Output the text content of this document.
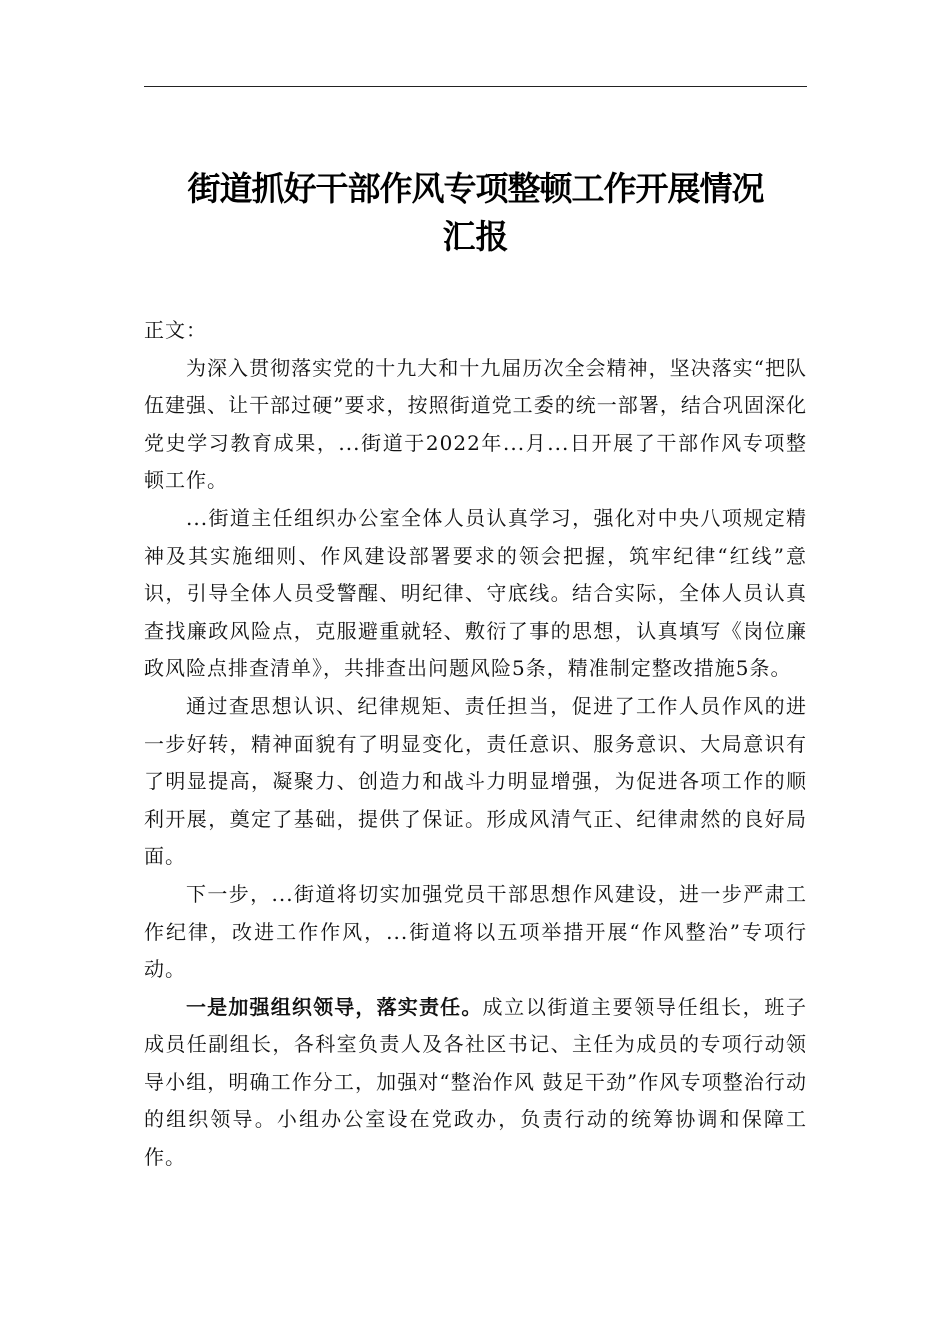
街道抓好干部作风专项整顿工作开展情况
汇报

正文：

为深入贯彻落实党的十九大和十九届历次全会精神，坚决落实“把队伍建强、让干部过硬”要求，按照街道党工委的统一部署，结合巩固深化党史学习教育成果，...街道于2022年...月...日开展了干部作风专项整顿工作。

...街道主任组织办公室全体人员认真学习，强化对中央八项规定精神及其实施细则、作风建设部署要求的领会把握，筑牢纪律“红线”意识，引导全体人员受警醒、明纪律、守底线。结合实际，全体人员认真查找廉政风险点，克服避重就轻、敷衍了事的思想，认真填写《岗位廉政风险点排查清单》，共排查出问题风险5条，精准制定整改措施5条。

通过查思想认识、纪律规矩、责任担当，促进了工作人员作风的进一步好转，精神面貌有了明显变化，责任意识、服务意识、大局意识有了明显提高，凝聚力、创造力和战斗力明显增强，为促进各项工作的顺利开展，奠定了基础，提供了保证。形成风清气正、纪律肃然的良好局面。

下一步，...街道将切实加强党员干部思想作风建设，进一步严肃工作纪律，改进工作作风，...街道将以五项举措开展“作风整治”专项行动。

一是加强组织领导，落实责任。成立以街道主要领导任组长，班子成员任副组长，各科室负责人及各社区书记、主任为成员的专项行动领导小组，明确工作分工，加强对“整治作风 鼓足干劲”作风专项整治行动的组织领导。小组办公室设在党政办，负责行动的统筹协调和保障工作。
